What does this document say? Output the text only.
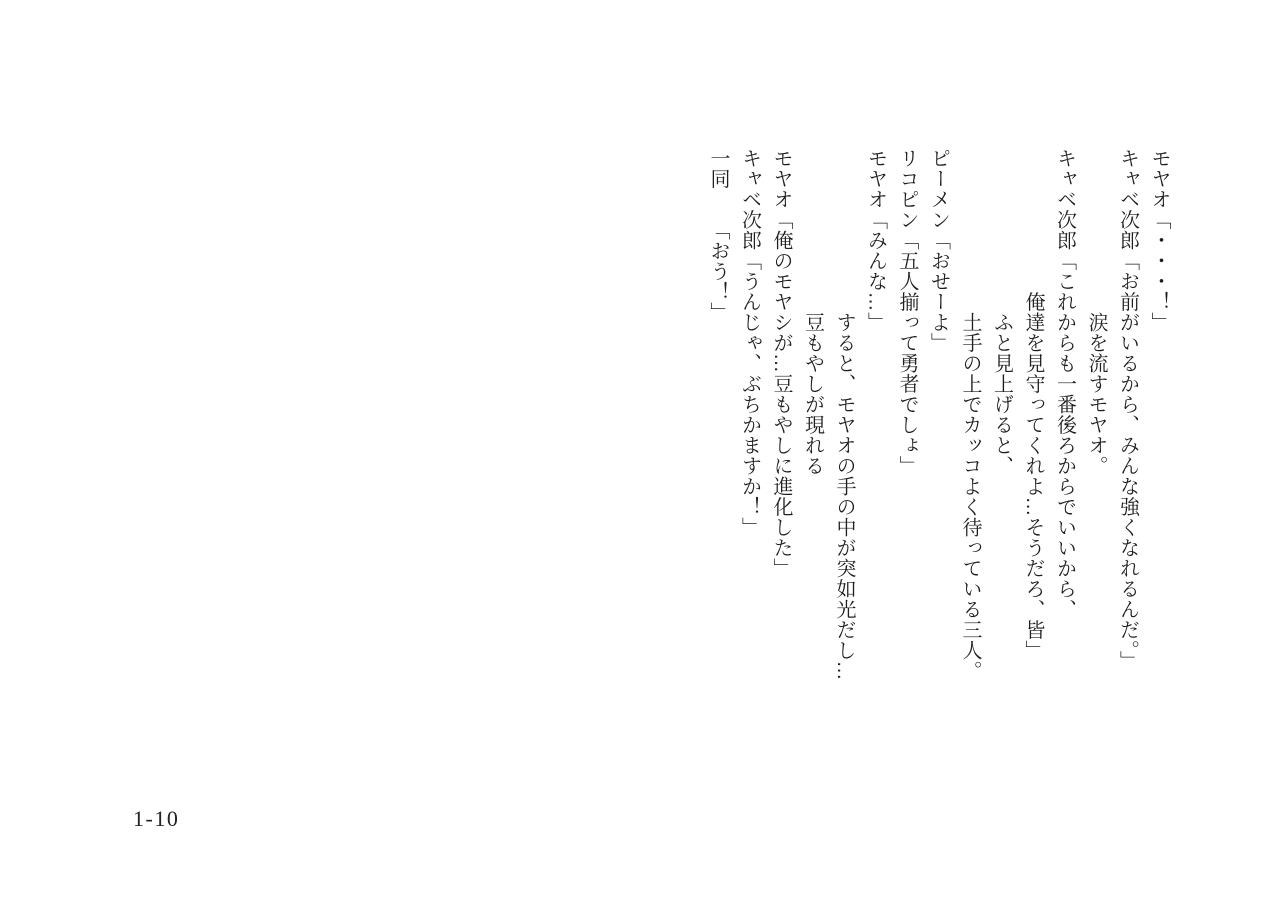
モヤオ「・・・！」
キャベ次郎「お前がいるから、みんな強くなれるんだ。」
　　　　　　　　涙を流すモヤオ。
キャベ次郎「これからも一番後ろからでいいから、
　　　　　　　俺達を見守ってくれよ…そうだろ、皆」
　　　　　　　　ふと見上げると、
　　　　　　　　土手の上でカッコよく待っている三人。
ピーメン「おせーよ」
リコピン「五人揃って勇者でしょ」
モヤオ「みんな…」
　　　　　　　　すると、モヤオの手の中が突如光だし…
　　　　　　　　豆もやしが現れる
モヤオ「俺のモヤシが…豆もやしに進化した」
キャベ次郎「うんじゃ、ぶちかますか！」
一同　　「おう！」
1-10
